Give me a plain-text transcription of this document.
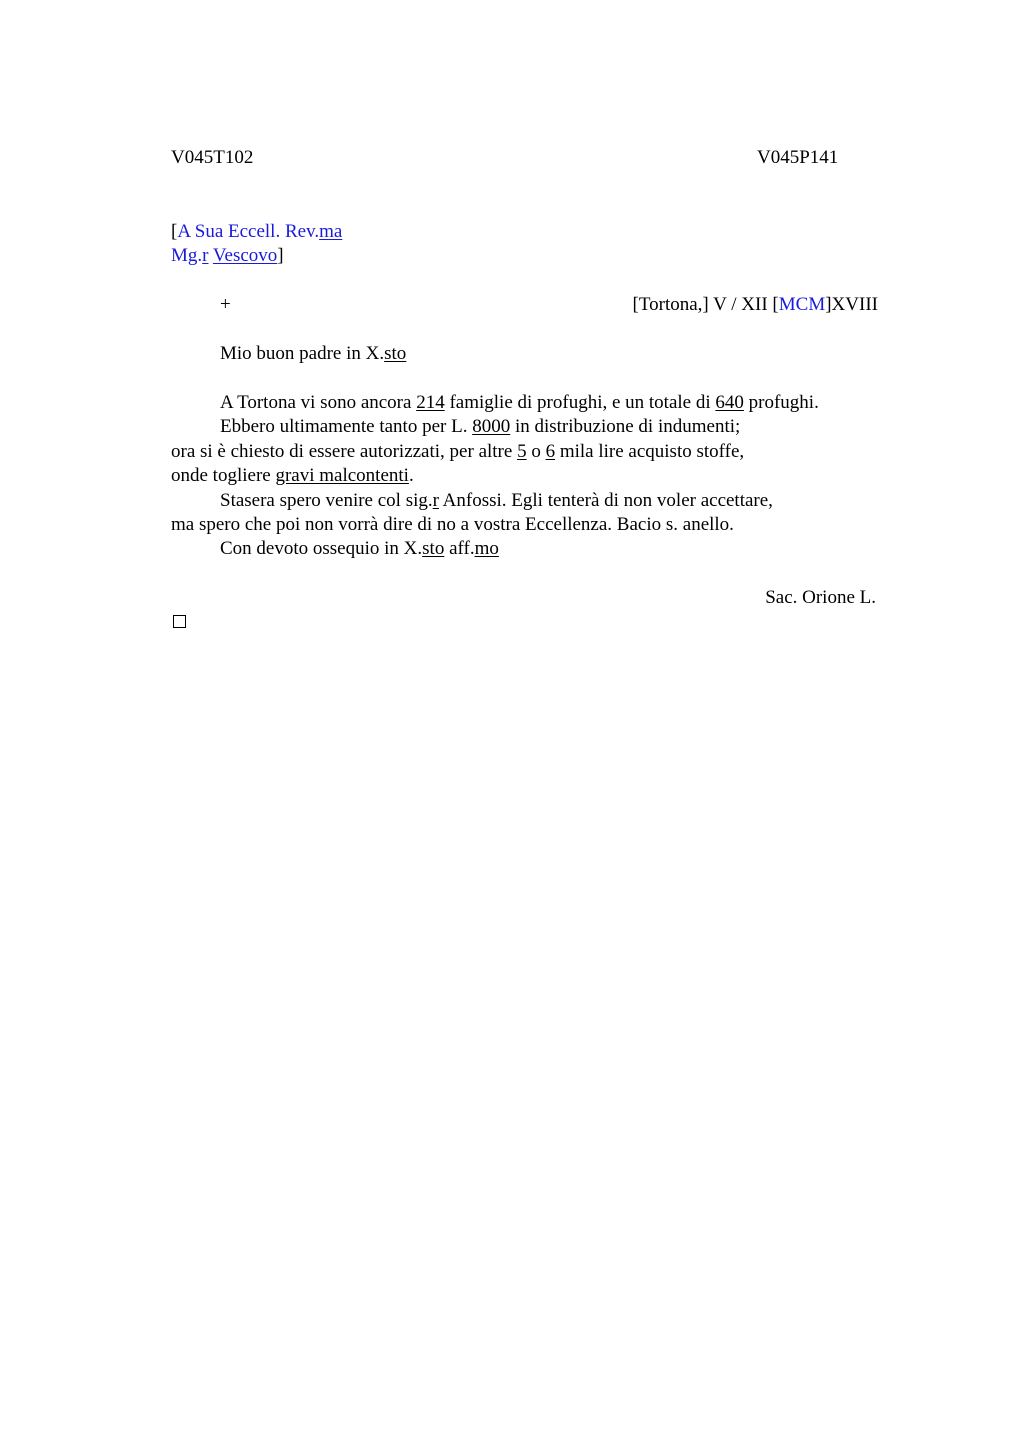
V045T102	V045P141
[A Sua Eccell. Rev.ma
Mg.r Vescovo]
+	[Tortona,] V / XII [MCM]XVIII
Mio buon padre in X.sto
A Tortona vi sono ancora 214 famiglie di profughi, e un totale di 640 profughi.
Ebbero ultimamente tanto per L. 8000 in distribuzione di indumenti;
ora si è chiesto di essere autorizzati, per altre 5 o 6 mila lire acquisto stoffe,
onde togliere gravi malcontenti.
Stasera spero venire col sig.r Anfossi. Egli tenterà di non voler accettare,
ma spero che poi non vorrà dire di no a vostra Eccellenza. Bacio s. anello.
Con devoto ossequio in X.sto aff.mo
Sac. Orione L.
